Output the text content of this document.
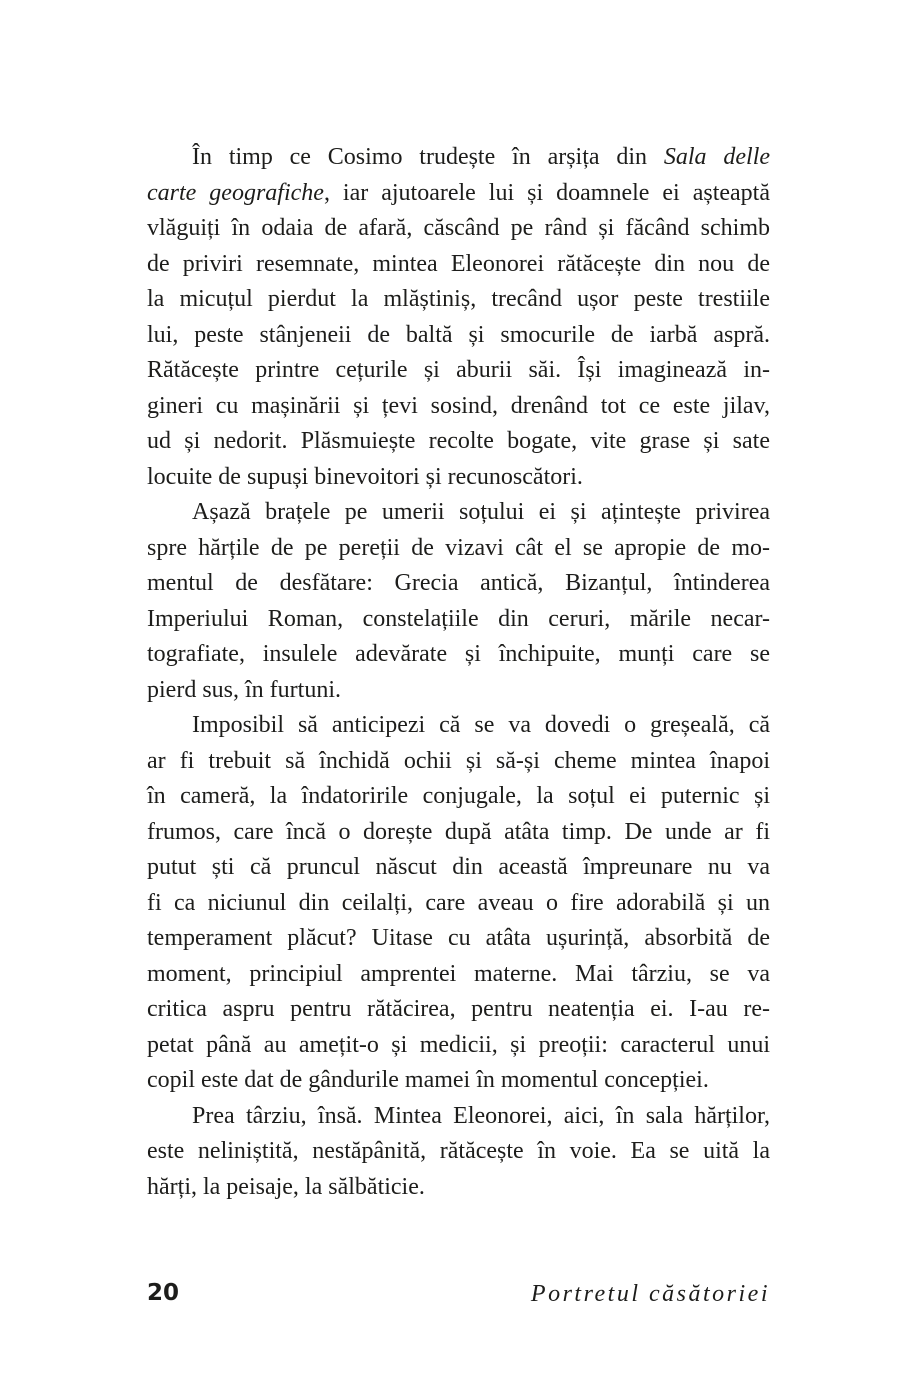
În timp ce Cosimo trudește în arșița din Sala delle
carte geografiche, iar ajutoarele lui și doamnele ei așteaptă
vlăguiți în odaia de afară, căscând pe rând și făcând schimb
de priviri resemnate, mintea Eleonorei rătăcește din nou de
la micuțul pierdut la mlăștiniș, trecând ușor peste trestiile
lui, peste stânjeneii de baltă și smocurile de iarbă aspră.
Rătăcește printre cețurile și aburii săi. Își imaginează in-
gineri cu mașinării și țevi sosind, drenând tot ce este jilav,
ud și nedorit. Plăsmuiește recolte bogate, vite grase și sate
locuite de supuși binevoitori și recunoscători.
Așază brațele pe umerii soțului ei și ațintește privirea
spre hărțile de pe pereții de vizavi cât el se apropie de mo-
mentul de desfătare: Grecia antică, Bizanțul, întinderea
Imperiului Roman, constelațiile din ceruri, mările necar-
tografiate, insulele adevărate și închipuite, munți care se
pierd sus, în furtuni.
Imposibil să anticipezi că se va dovedi o greșeală, că
ar fi trebuit să închidă ochii și să-și cheme mintea înapoi
în cameră, la îndatoririle conjugale, la soțul ei puternic și
frumos, care încă o dorește după atâta timp. De unde ar fi
putut ști că pruncul născut din această împreunare nu va
fi ca niciunul din ceilalți, care aveau o fire adorabilă și un
temperament plăcut? Uitase cu atâta ușurință, absorbită de
moment, principiul amprentei materne. Mai târziu, se va
critica aspru pentru rătăcirea, pentru neatenția ei. I-au re-
petat până au amețit-o și medicii, și preoții: caracterul unui
copil este dat de gândurile mamei în momentul concepției.
Prea târziu, însă. Mintea Eleonorei, aici, în sala hărților,
este neliniștită, nestăpânită, rătăcește în voie. Ea se uită la
hărți, la peisaje, la sălbăticie.
20	Portretul căsătoriei
